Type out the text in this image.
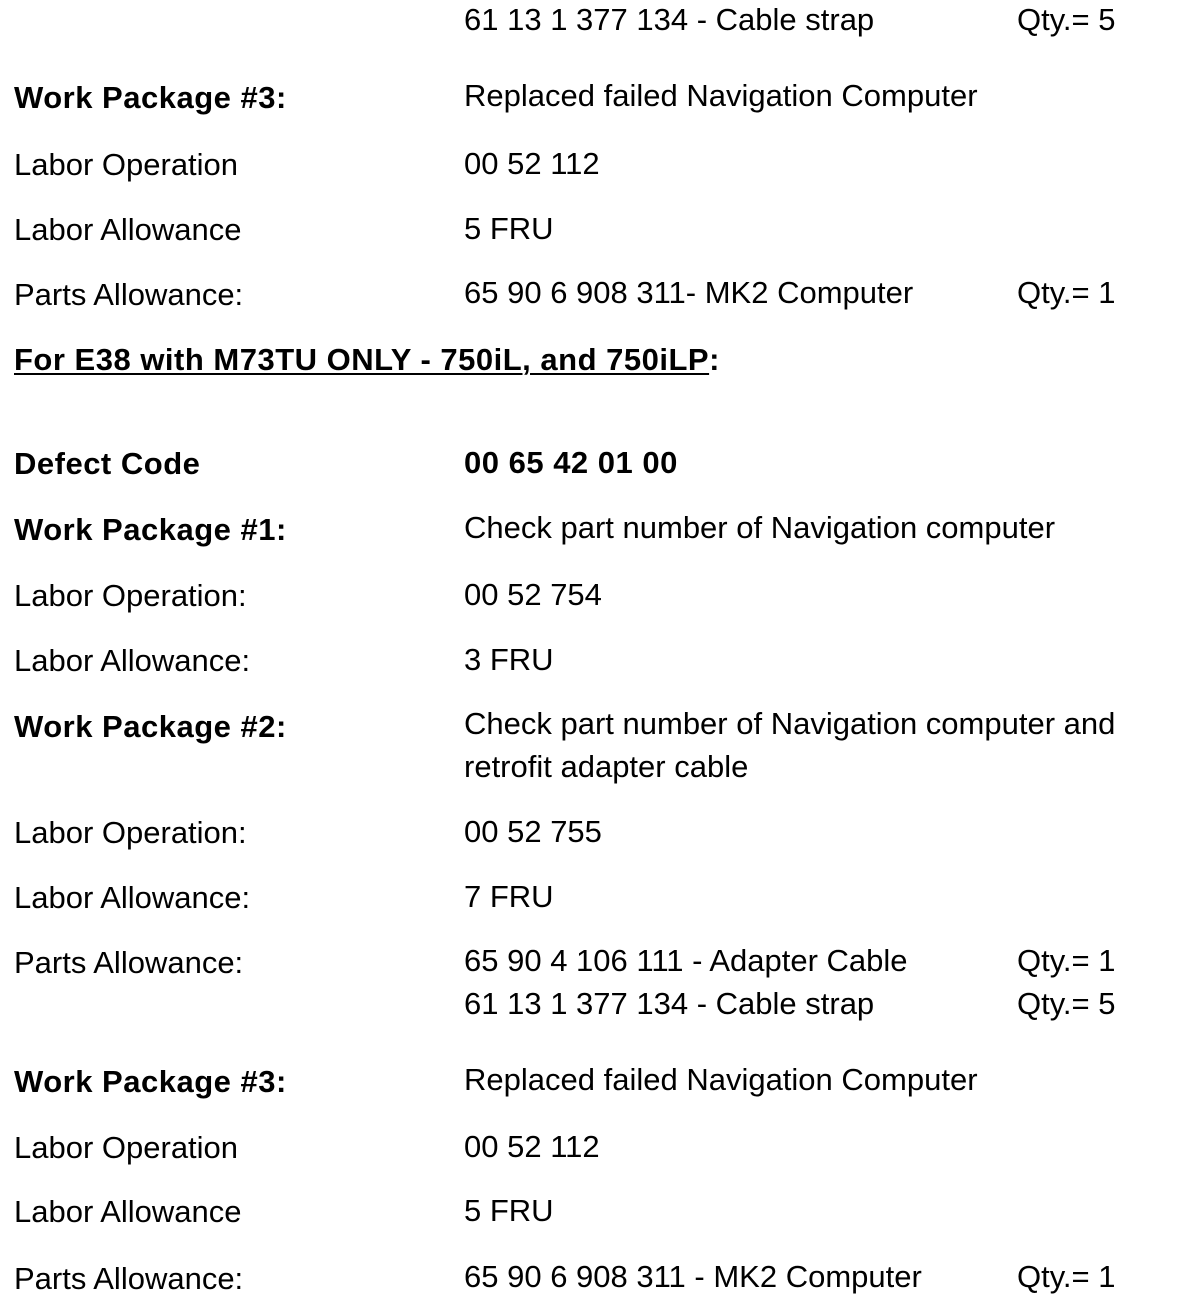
61 13 1 377 134 - Cable strap	Qty.= 5
Work Package #3:	Replaced failed Navigation Computer
Labor Operation	00 52 112
Labor Allowance	5 FRU
Parts Allowance:	65 90 6 908 311- MK2 Computer	Qty.= 1
For E38 with M73TU ONLY - 750iL, and 750iLP:
Defect Code	00 65 42 01 00
Work Package #1:	Check part number of Navigation computer
Labor Operation:	00 52 754
Labor Allowance:	3 FRU
Work Package #2:	Check part number of Navigation computer and
retrofit adapter cable
Labor Operation:	00 52 755
Labor Allowance:	7 FRU
Parts Allowance:	65 90 4 106 111 - Adapter Cable	Qty.= 1
61 13 1 377 134 - Cable strap	Qty.= 5
Work Package #3:	Replaced failed Navigation Computer
Labor Operation	00 52 112
Labor Allowance	5 FRU
Parts Allowance:	65 90 6 908 311 - MK2 Computer	Qty.= 1
